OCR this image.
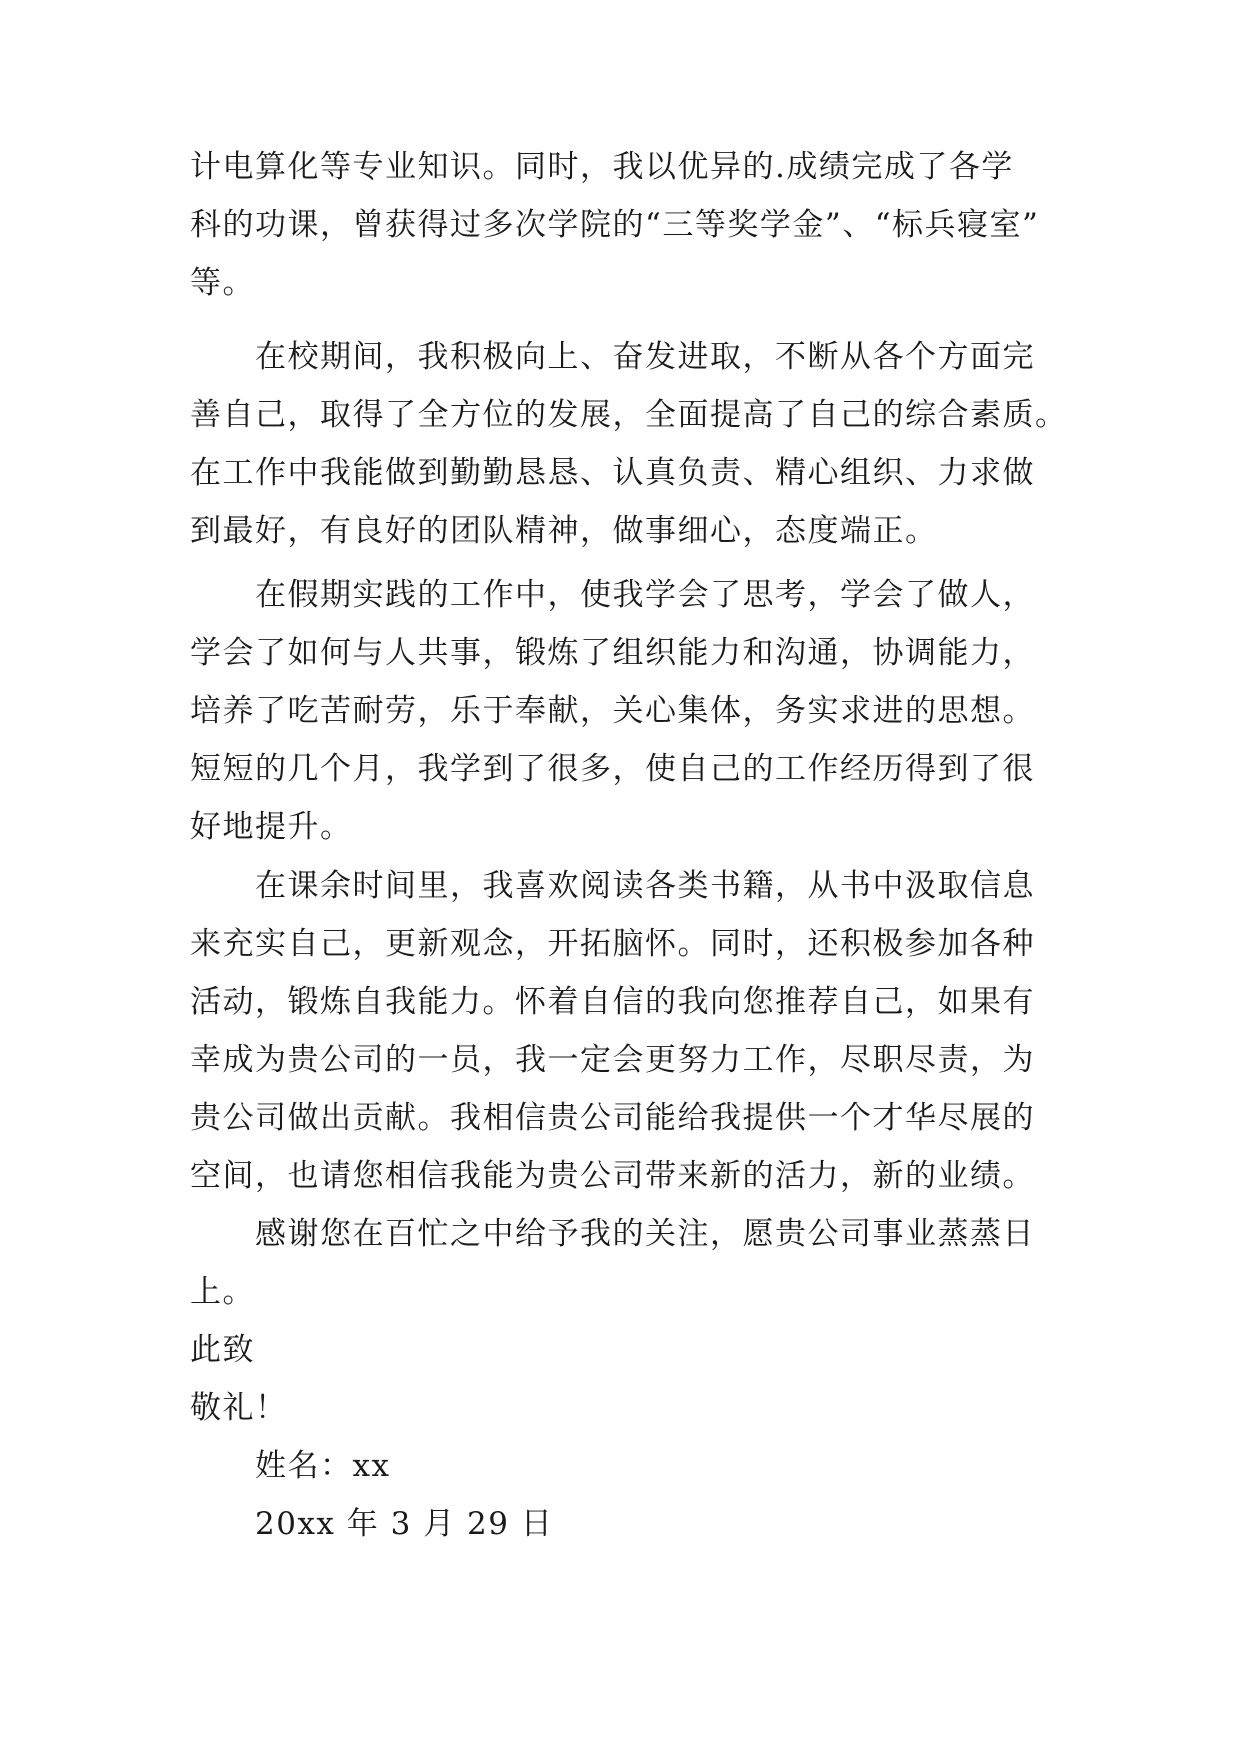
计电算化等专业知识。同时，我以优异的.成绩完成了各学
科的功课，曾获得过多次学院的“三等奖学金”、“标兵寝室”
等。
在校期间，我积极向上、奋发进取，不断从各个方面完
善自己，取得了全方位的发展，全面提高了自己的综合素质。
在工作中我能做到勤勤恳恳、认真负责、精心组织、力求做
到最好，有良好的团队精神，做事细心，态度端正。
在假期实践的工作中，使我学会了思考，学会了做人，
学会了如何与人共事，锻炼了组织能力和沟通，协调能力，
培养了吃苦耐劳，乐于奉献，关心集体，务实求进的思想。
短短的几个月，我学到了很多，使自己的工作经历得到了很
好地提升。
在课余时间里，我喜欢阅读各类书籍，从书中汲取信息
来充实自己，更新观念，开拓脑怀。同时，还积极参加各种
活动，锻炼自我能力。怀着自信的我向您推荐自己，如果有
幸成为贵公司的一员，我一定会更努力工作，尽职尽责，为
贵公司做出贡献。我相信贵公司能给我提供一个才华尽展的
空间，也请您相信我能为贵公司带来新的活力，新的业绩。
感谢您在百忙之中给予我的关注，愿贵公司事业蒸蒸日
上。
此致
敬礼！
姓名：xx
20xx 年 3 月 29 日
